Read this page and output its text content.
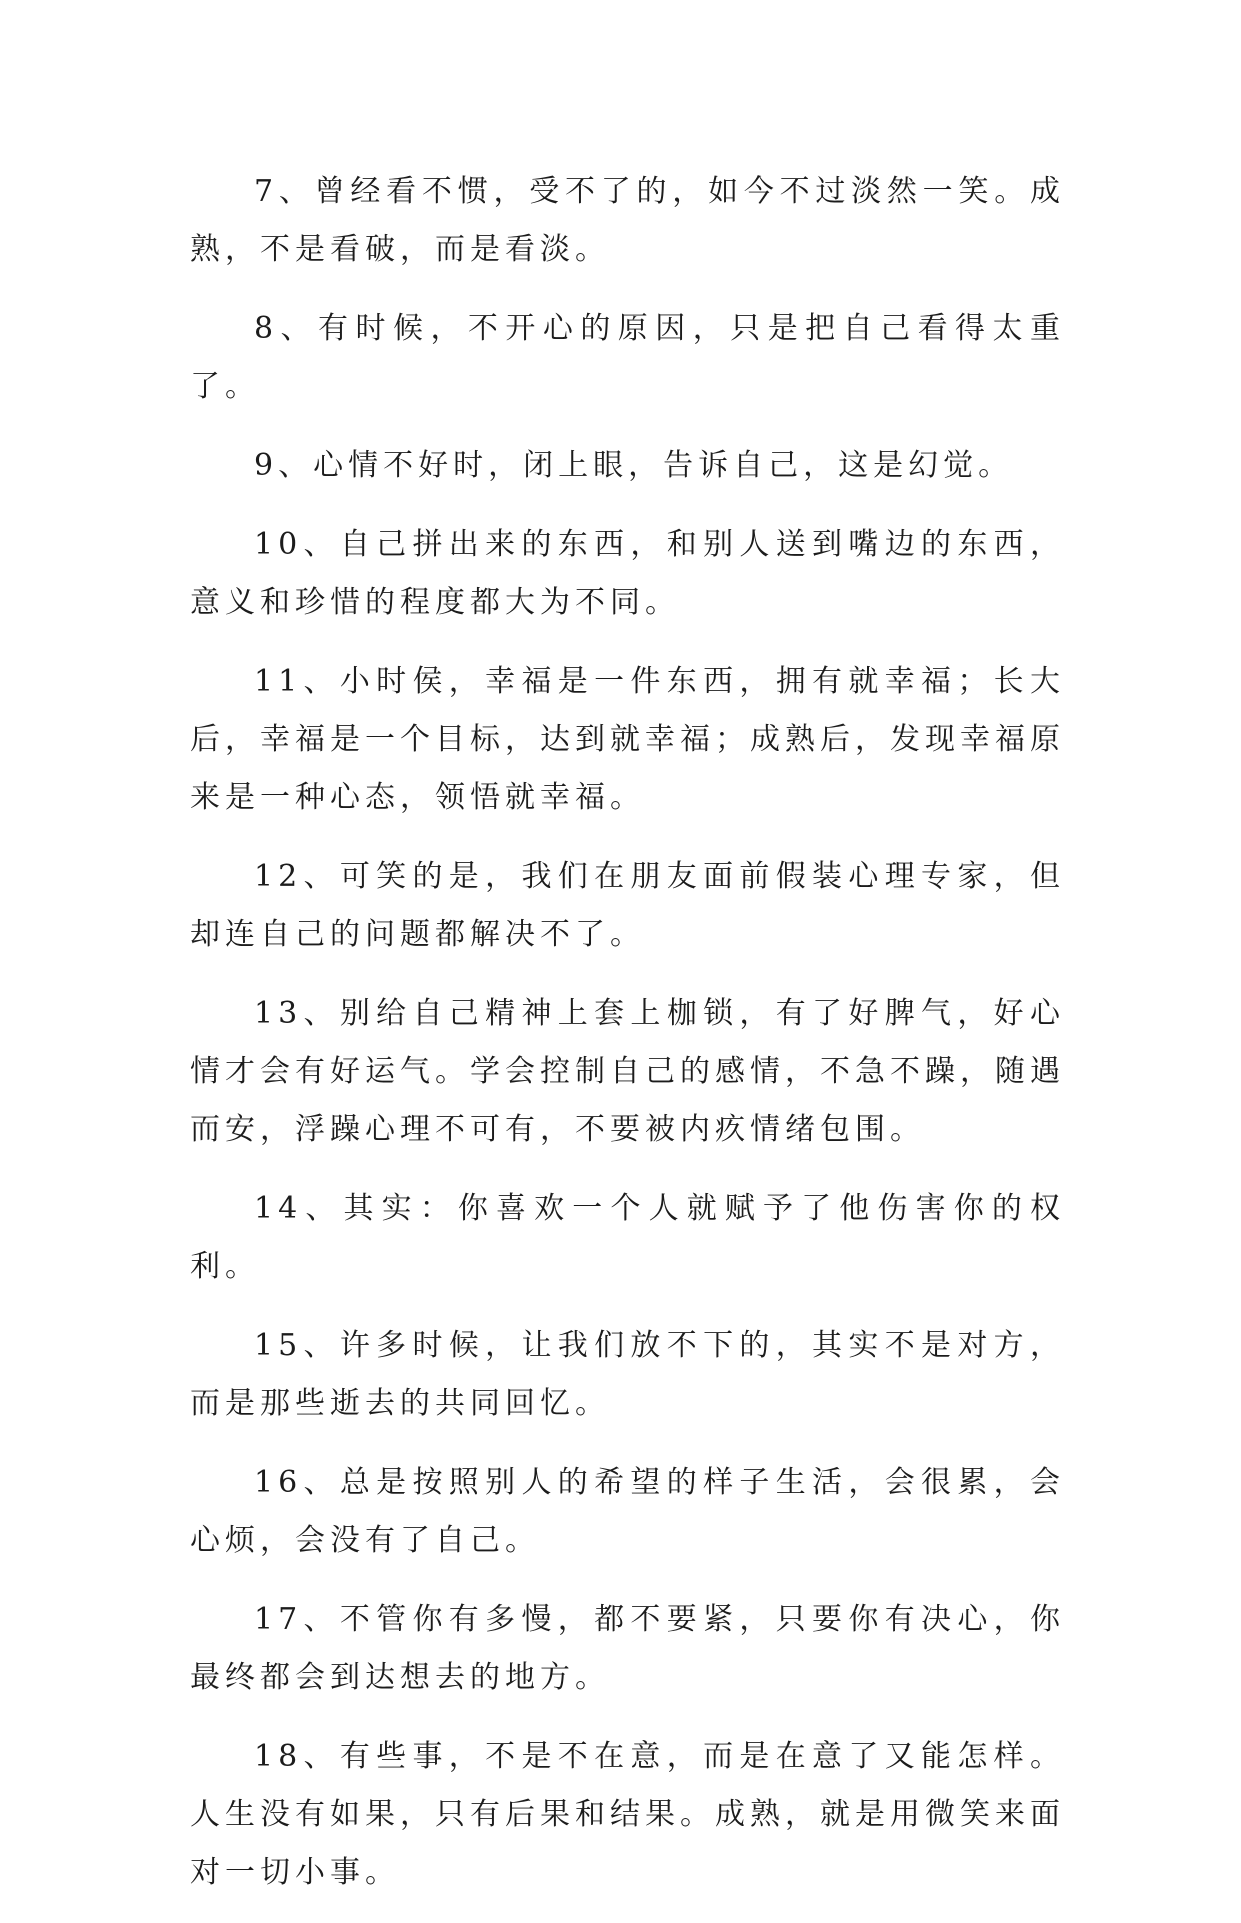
7、曾经看不惯，受不了的，如今不过淡然一笑。成熟，不是看破，而是看淡。

8、有时候，不开心的原因，只是把自己看得太重了。

9、心情不好时，闭上眼，告诉自己，这是幻觉。

10、自己拼出来的东西，和别人送到嘴边的东西，意义和珍惜的程度都大为不同。

11、小时侯，幸福是一件东西，拥有就幸福；长大后，幸福是一个目标，达到就幸福；成熟后，发现幸福原来是一种心态，领悟就幸福。

12、可笑的是，我们在朋友面前假装心理专家，但却连自己的问题都解决不了。

13、别给自己精神上套上枷锁，有了好脾气，好心情才会有好运气。学会控制自己的感情，不急不躁，随遇而安，浮躁心理不可有，不要被内疚情绪包围。

14、其实：你喜欢一个人就赋予了他伤害你的权利。

15、许多时候，让我们放不下的，其实不是对方，而是那些逝去的共同回忆。

16、总是按照别人的希望的样子生活，会很累，会心烦，会没有了自己。

17、不管你有多慢，都不要紧，只要你有决心，你最终都会到达想去的地方。

18、有些事，不是不在意，而是在意了又能怎样。人生没有如果，只有后果和结果。成熟，就是用微笑来面对一切小事。
